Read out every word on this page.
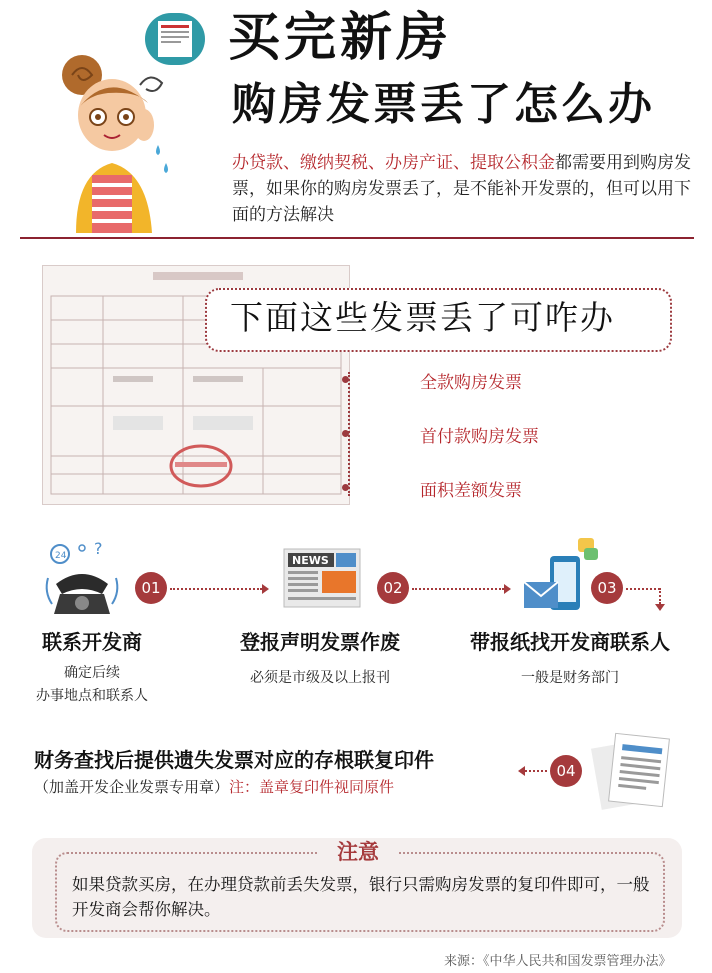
买完新房
购房发票丢了怎么办
办贷款、缴纳契税、办房产证、提取公积金都需要用到购房发票，如果你的购房发票丢了，是不能补开发票的，但可以用下面的方法解决
下面这些发票丢了可咋办
全款购房发票
首付款购房发票
面积差额发票
24 ?
01
NEWS
02	03
联系开发商
确定后续
办事地点和联系人
登报声明发票作废
必须是市级及以上报刊
带报纸找开发商联系人
一般是财务部门
财务查找后提供遗失发票对应的存根联复印件
（加盖开发企业发票专用章）注：盖章复印件视同原件
04
注意
如果贷款买房，在办理贷款前丢失发票，银行只需购房发票的复印件即可，一般开发商会帮你解决。
来源：《中华人民共和国发票管理办法》
